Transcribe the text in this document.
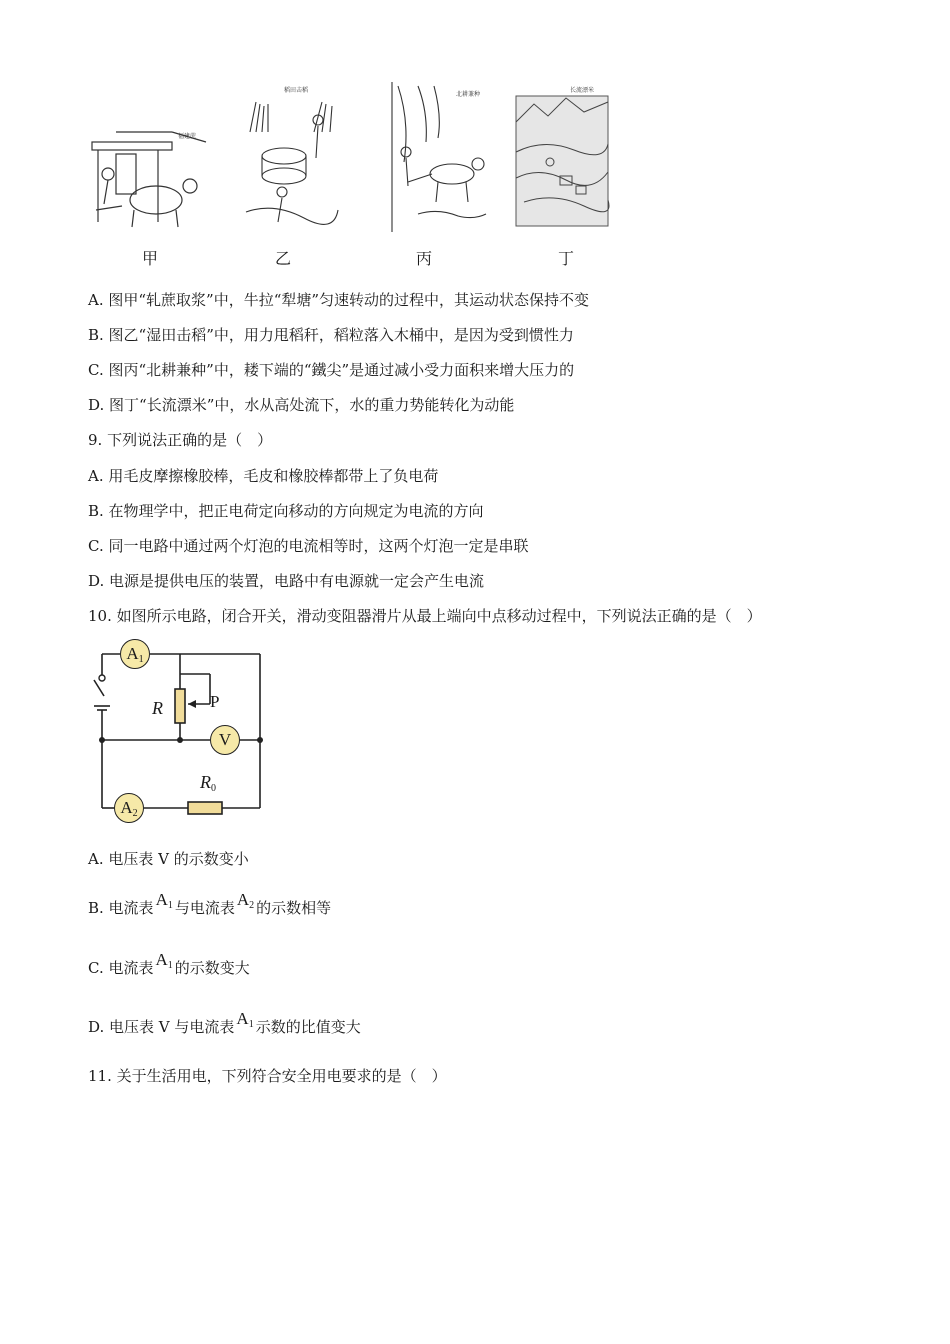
福建蔗
稻田击稻
北耕兼种
长流漂米
甲	乙	丙	丁
A. 图甲“轧蔗取浆”中，牛拉“犁塘”匀速转动的过程中，其运动状态保持不变
B. 图乙“湿田击稻”中，用力甩稻秆，稻粒落入木桶中，是因为受到惯性力
C. 图丙“北耕兼种”中，耧下端的“鐵尖”是通过减小受力面积来增大压力的
D. 图丁“长流漂米”中，水从高处流下，水的重力势能转化为动能
9. 下列说法正确的是（　）
A. 用毛皮摩擦橡胶棒，毛皮和橡胶棒都带上了负电荷
B. 在物理学中，把正电荷定向移动的方向规定为电流的方向
C. 同一电路中通过两个灯泡的电流相等时，这两个灯泡一定是串联
D. 电源是提供电压的装置，电路中有电源就一定会产生电流
10. 如图所示电路，闭合开关，滑动变阻器滑片从最上端向中点移动过程中，下列说法正确的是（　）
A1
V
A2
R	P
R0
A. 电压表 V 的示数变小
B. 电流表 A1 与电流表 A2 的示数相等
C. 电流表 A1 的示数变大
D. 电压表 V 与电流表 A1 示数的比值变大
11. 关于生活用电，下列符合安全用电要求的是（　）
